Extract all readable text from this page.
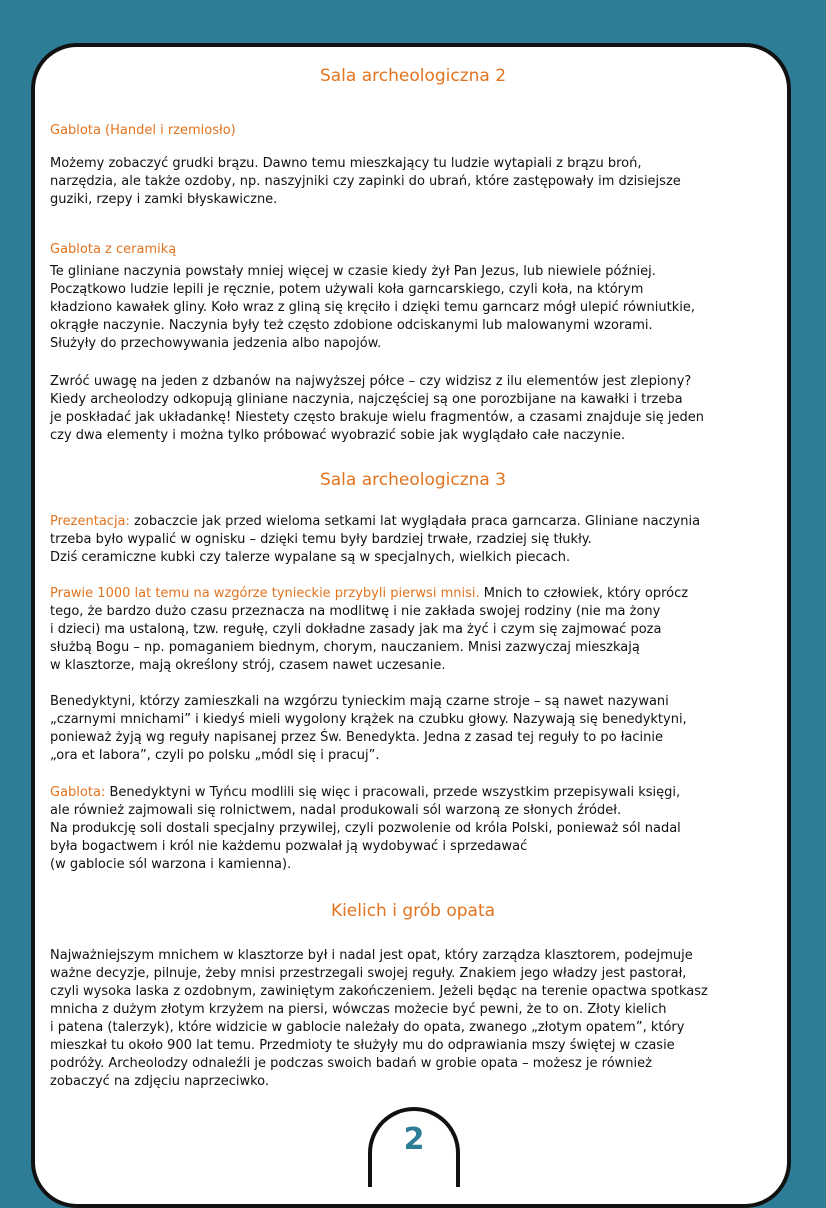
2
Sala archeologiczna 2
Gablota (Handel i rzemiosło)

Możemy zobaczyć grudki brązu. Dawno temu mieszkający tu ludzie wytapiali z brązu broń,
narzędzia, ale także ozdoby, np. naszyjniki czy zapinki do ubrań, które zastępowały im dzisiejsze
guziki, rzepy i zamki błyskawiczne.

Gablota z ceramiką

Te gliniane naczynia powstały mniej więcej w czasie kiedy żył Pan Jezus, lub niewiele później.
Początkowo ludzie lepili je ręcznie, potem używali koła garncarskiego, czyli koła, na którym
kładziono kawałek gliny. Koło wraz z gliną się kręciło i dzięki temu garncarz mógł ulepić równiutkie,
okrągłe naczynie. Naczynia były też często zdobione odciskanymi lub malowanymi wzorami.
Służyły do przechowywania jedzenia albo napojów.

Zwróć uwagę na jeden z dzbanów na najwyższej półce – czy widzisz z ilu elementów jest zlepiony?
Kiedy archeolodzy odkopują gliniane naczynia, najczęściej są one porozbijane na kawałki i trzeba
je poskładać jak układankę! Niestety często brakuje wielu fragmentów, a czasami znajduje się jeden
czy dwa elementy i można tylko próbować wyobrazić sobie jak wyglądało całe naczynie.

Sala archeologiczna 3

Prezentacja: zobaczcie jak przed wieloma setkami lat wyglądała praca garncarza. Gliniane naczynia
trzeba było wypalić w ognisku – dzięki temu były bardziej trwałe, rzadziej się tłukły.
Dziś ceramiczne kubki czy talerze wypalane są w specjalnych, wielkich piecach.

Prawie 1000 lat temu na wzgórze tynieckie przybyli pierwsi mnisi. Mnich to człowiek, który oprócz
tego, że bardzo dużo czasu przeznacza na modlitwę i nie zakłada swojej rodziny (nie ma żony
i dzieci) ma ustaloną, tzw. regułę, czyli dokładne zasady jak ma żyć i czym się zajmować poza
służbą Bogu – np. pomaganiem biednym, chorym, nauczaniem. Mnisi zazwyczaj mieszkają
w klasztorze, mają określony strój, czasem nawet uczesanie.

Benedyktyni, którzy zamieszkali na wzgórzu tynieckim mają czarne stroje – są nawet nazywani
„czarnymi mnichami” i kiedyś mieli wygolony krążek na czubku głowy. Nazywają się benedyktyni,
ponieważ żyją wg reguły napisanej przez Św. Benedykta. Jedna z zasad tej reguły to po łacinie
„ora et labora”, czyli po polsku „módl się i pracuj”.

Gablota: Benedyktyni w Tyńcu modlili się więc i pracowali, przede wszystkim przepisywali księgi,
ale również zajmowali się rolnictwem, nadal produkowali sól warzoną ze słonych źródeł.
Na produkcję soli dostali specjalny przywilej, czyli pozwolenie od króla Polski, ponieważ sól nadal
była bogactwem i król nie każdemu pozwalał ją wydobywać i sprzedawać
(w gablocie sól warzona i kamienna).

Kielich i grób opata

Najważniejszym mnichem w klasztorze był i nadal jest opat, który zarządza klasztorem, podejmuje
ważne decyzje, pilnuje, żeby mnisi przestrzegali swojej reguły. Znakiem jego władzy jest pastorał,
czyli wysoka laska z ozdobnym, zawiniętym zakończeniem. Jeżeli będąc na terenie opactwa spotkasz
mnicha z dużym złotym krzyżem na piersi, wówczas możecie być pewni, że to on. Złoty kielich
i patena (talerzyk), które widzicie w gablocie należały do opata, zwanego „złotym opatem”, który
mieszkał tu około 900 lat temu. Przedmioty te służyły mu do odprawiania mszy świętej w czasie
podróży. Archeolodzy odnaleźli je podczas swoich badań w grobie opata – możesz je również
zobaczyć na zdjęciu naprzeciwko.
